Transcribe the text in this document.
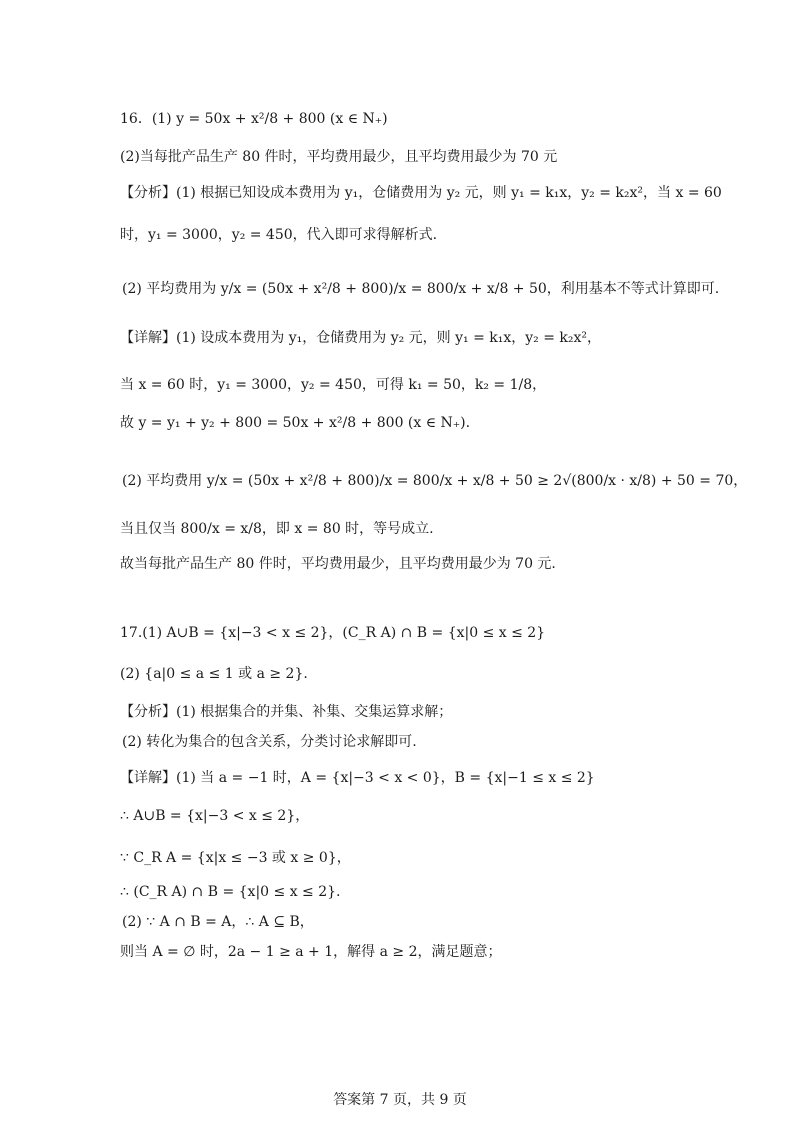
16．(1) y = 50x + x²/8 + 800 (x ∈ N₊)
(2)当每批产品生产 80 件时，平均费用最少，且平均费用最少为 70 元
【分析】(1) 根据已知设成本费用为 y₁，仓储费用为 y₂ 元，则 y₁ = k₁x，y₂ = k₂x²，当 x = 60
时，y₁ = 3000，y₂ = 450，代入即可求得解析式.
(2) 平均费用为 y/x = (50x + x²/8 + 800)/x = 800/x + x/8 + 50，利用基本不等式计算即可.
【详解】(1) 设成本费用为 y₁，仓储费用为 y₂ 元，则 y₁ = k₁x，y₂ = k₂x²，
当 x = 60 时，y₁ = 3000，y₂ = 450，可得 k₁ = 50，k₂ = 1/8，
故 y = y₁ + y₂ + 800 = 50x + x²/8 + 800 (x ∈ N₊).
(2) 平均费用 y/x = (50x + x²/8 + 800)/x = 800/x + x/8 + 50 ≥ 2√(800/x · x/8) + 50 = 70，
当且仅当 800/x = x/8，即 x = 80 时，等号成立.
故当每批产品生产 80 件时，平均费用最少，且平均费用最少为 70 元.
17.(1) A∪B = {x|−3 < x ≤ 2}，(C_R A) ∩ B = {x|0 ≤ x ≤ 2}
(2) {a|0 ≤ a ≤ 1 或 a ≥ 2}.
【分析】(1) 根据集合的并集、补集、交集运算求解；
(2) 转化为集合的包含关系，分类讨论求解即可.
【详解】(1) 当 a = −1 时，A = {x|−3 < x < 0}，B = {x|−1 ≤ x ≤ 2}
∴ A∪B = {x|−3 < x ≤ 2}，
∵ C_R A = {x|x ≤ −3 或 x ≥ 0}，
∴ (C_R A) ∩ B = {x|0 ≤ x ≤ 2}.
(2) ∵ A ∩ B = A，∴ A ⊆ B，
则当 A = ∅ 时，2a − 1 ≥ a + 1，解得 a ≥ 2，满足题意；
答案第 7 页，共 9 页
